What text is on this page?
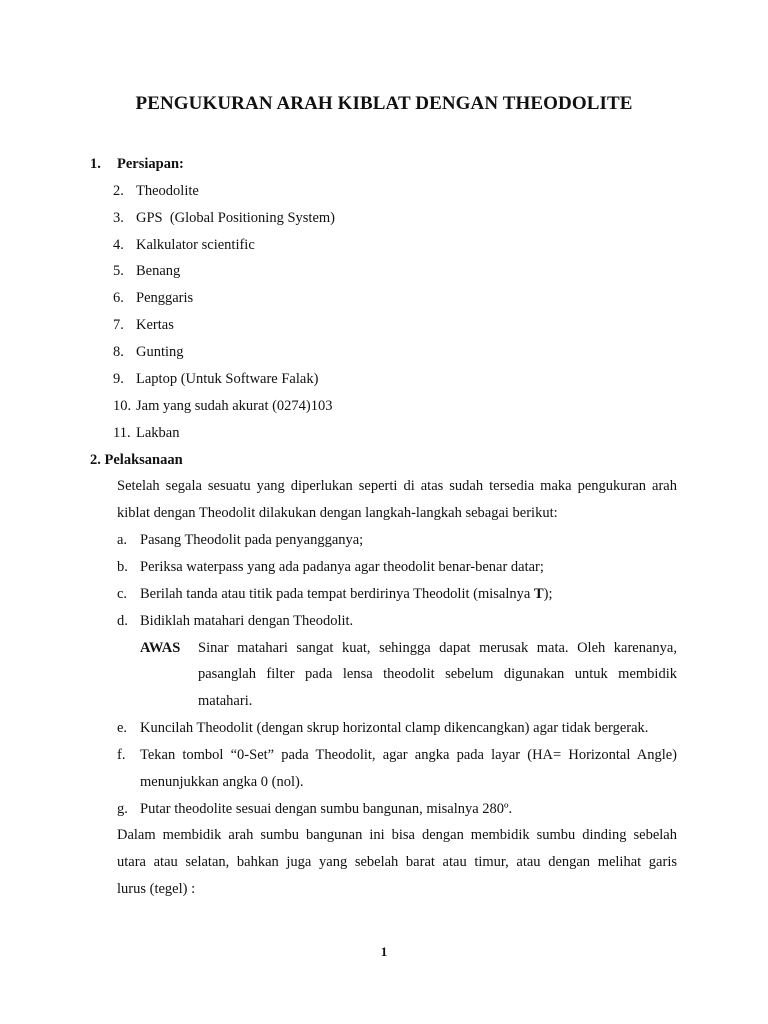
PENGUKURAN ARAH KIBLAT DENGAN THEODOLITE
1. Persiapan:
2. Theodolite
3. GPS  (Global Positioning System)
4. Kalkulator scientific
5. Benang
6. Penggaris
7. Kertas
8. Gunting
9. Laptop (Untuk Software Falak)
10. Jam yang sudah akurat (0274)103
11. Lakban
2. Pelaksanaan
Setelah segala sesuatu yang diperlukan seperti di atas sudah tersedia maka pengukuran arah
kiblat dengan Theodolit dilakukan dengan langkah-langkah sebagai berikut:
a. Pasang Theodolit pada penyangganya;
b. Periksa waterpass yang ada padanya agar theodolit benar-benar datar;
c. Berilah tanda atau titik pada tempat berdirinya Theodolit (misalnya T);
d. Bidiklah matahari dengan Theodolit.
AWAS Sinar matahari sangat kuat, sehingga dapat merusak mata. Oleh karenanya,
pasanglah filter pada lensa theodolit sebelum digunakan untuk membidik
matahari.
e. Kuncilah Theodolit (dengan skrup horizontal clamp dikencangkan) agar tidak bergerak.
f. Tekan tombol “0-Set” pada Theodolit, agar angka pada layar (HA= Horizontal Angle)
menunjukkan angka 0 (nol).
g. Putar theodolite sesuai dengan sumbu bangunan, misalnya 280º.
Dalam membidik arah sumbu bangunan ini bisa dengan membidik sumbu dinding sebelah
utara atau selatan, bahkan juga yang sebelah barat atau timur, atau dengan melihat garis
lurus (tegel) :
1
